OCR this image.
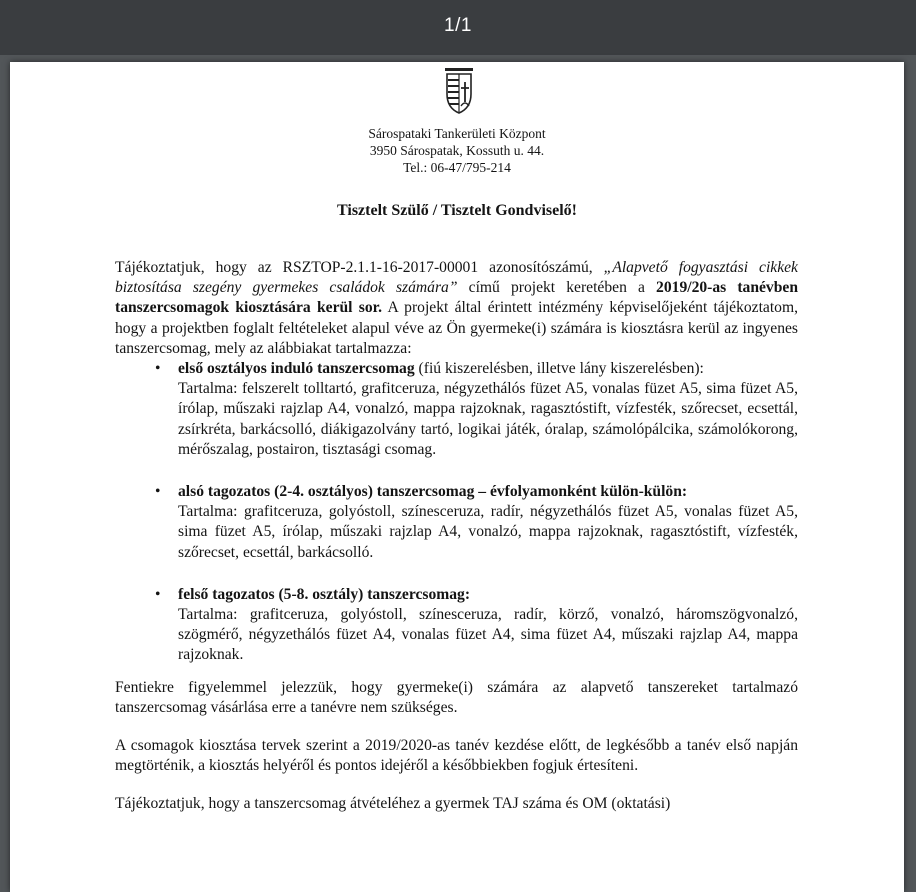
1/1
Sárospataki Tankerületi Központ
3950 Sárospatak, Kossuth u. 44.
Tel.: 06-47/795-214
Tisztelt Szülő / Tisztelt Gondviselő!

Tájékoztatjuk, hogy az RSZTOP-2.1.1-16-2017-00001 azonosítószámú, „Alapvető fogyasztási cikkek biztosítása szegény gyermekes családok számára” című projekt keretében a 2019/20-as tanévben tanszercsomagok kiosztására kerül sor. A projekt által érintett intézmény képviselőjeként tájékoztatom, hogy a projektben foglalt feltételeket alapul véve az Ön gyermeke(i) számára is kiosztásra kerül az ingyenes tanszercsomag, mely az alábbiakat tartalmazza:

• első osztályos induló tanszercsomag (fiú kiszerelésben, illetve lány kiszerelésben):
Tartalma: felszerelt tolltartó, grafitceruza, négyzethálós füzet A5, vonalas füzet A5, sima füzet A5, írólap, műszaki rajzlap A4, vonalzó, mappa rajzoknak, ragasztóstift, vízfesték, szőrecset, ecsettál, zsírkréta, barkácsolló, diákigazolvány tartó, logikai játék, óralap, számolópálcika, számolókorong, mérőszalag, postairon, tisztasági csomag.
• alsó tagozatos (2-4. osztályos) tanszercsomag – évfolyamonként külön-külön:
Tartalma: grafitceruza, golyóstoll, színesceruza, radír, négyzethálós füzet A5, vonalas füzet A5, sima füzet A5, írólap, műszaki rajzlap A4, vonalzó, mappa rajzoknak, ragasztóstift, vízfesték, szőrecset, ecsettál, barkácsolló.
• felső tagozatos (5-8. osztály) tanszercsomag:
Tartalma: grafitceruza, golyóstoll, színesceruza, radír, körző, vonalzó, háromszögvonalzó, szögmérő, négyzethálós füzet A4, vonalas füzet A4, sima füzet A4, műszaki rajzlap A4, mappa rajzoknak.

Fentiekre figyelemmel jelezzük, hogy gyermeke(i) számára az alapvető tanszereket tartalmazó tanszercsomag vásárlása erre a tanévre nem szükséges.

A csomagok kiosztása tervek szerint a 2019/2020-as tanév kezdése előtt, de legkésőbb a tanév első napján megtörténik, a kiosztás helyéről és pontos idejéről a későbbiekben fogjuk értesíteni.

Tájékoztatjuk, hogy a tanszercsomag átvételéhez a gyermek TAJ száma és OM (oktatási)
